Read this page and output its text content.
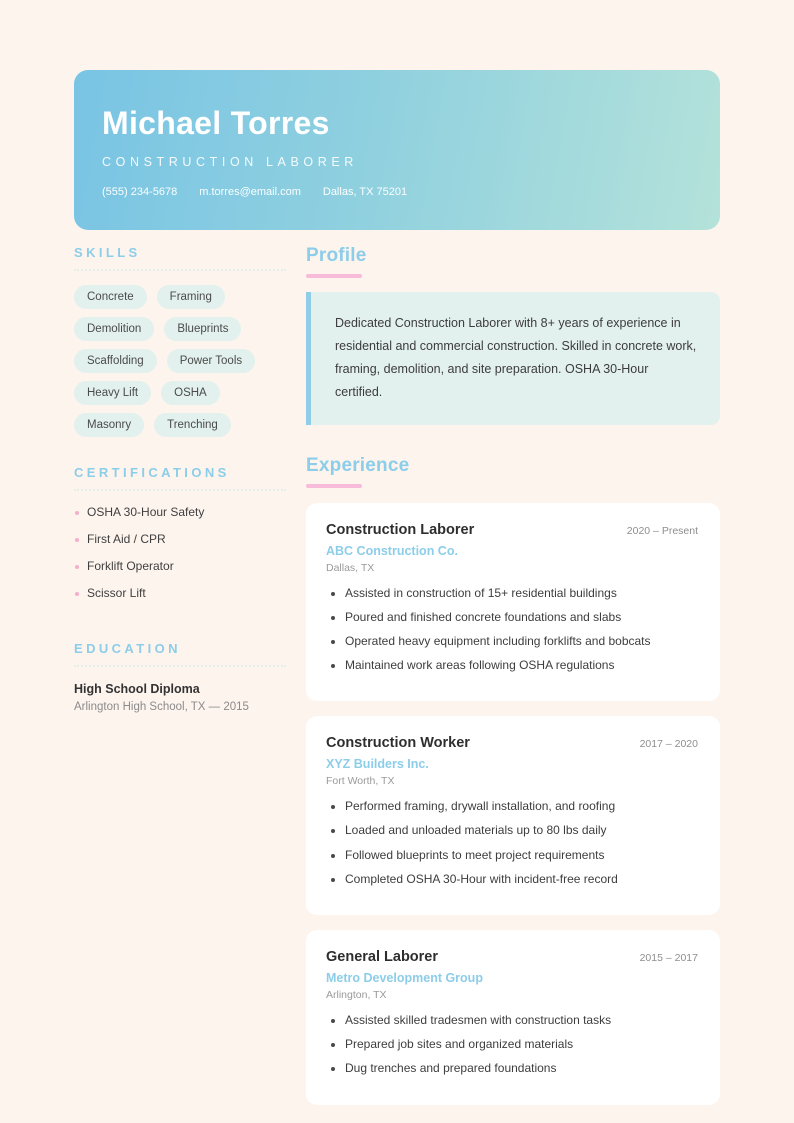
Michael Torres
CONSTRUCTION LABORER
(555) 234-5678 m.torres@email.com Dallas, TX 75201
SKILLS
Concrete	Framing
Demolition	Blueprints
Scaffolding	Power Tools
Heavy Lift	OSHA
Masonry	Trenching
CERTIFICATIONS
OSHA 30-Hour Safety
First Aid / CPR
Forklift Operator
Scissor Lift
EDUCATION
High School Diploma
Arlington High School, TX — 2015
Profile

Dedicated Construction Laborer with 8+ years of experience in residential and commercial construction. Skilled in concrete work, framing, demolition, and site preparation. OSHA 30-Hour certified.

Experience
Construction Laborer	2020 – Present
ABC Construction Co.
Dallas, TX
• Assisted in construction of 15+ residential buildings
• Poured and finished concrete foundations and slabs
• Operated heavy equipment including forklifts and bobcats
• Maintained work areas following OSHA regulations
Construction Worker	2017 – 2020
XYZ Builders Inc.
Fort Worth, TX
• Performed framing, drywall installation, and roofing
• Loaded and unloaded materials up to 80 lbs daily
• Followed blueprints to meet project requirements
• Completed OSHA 30-Hour with incident-free record
General Laborer	2015 – 2017
Metro Development Group
Arlington, TX
• Assisted skilled tradesmen with construction tasks
• Prepared job sites and organized materials
• Dug trenches and prepared foundations
